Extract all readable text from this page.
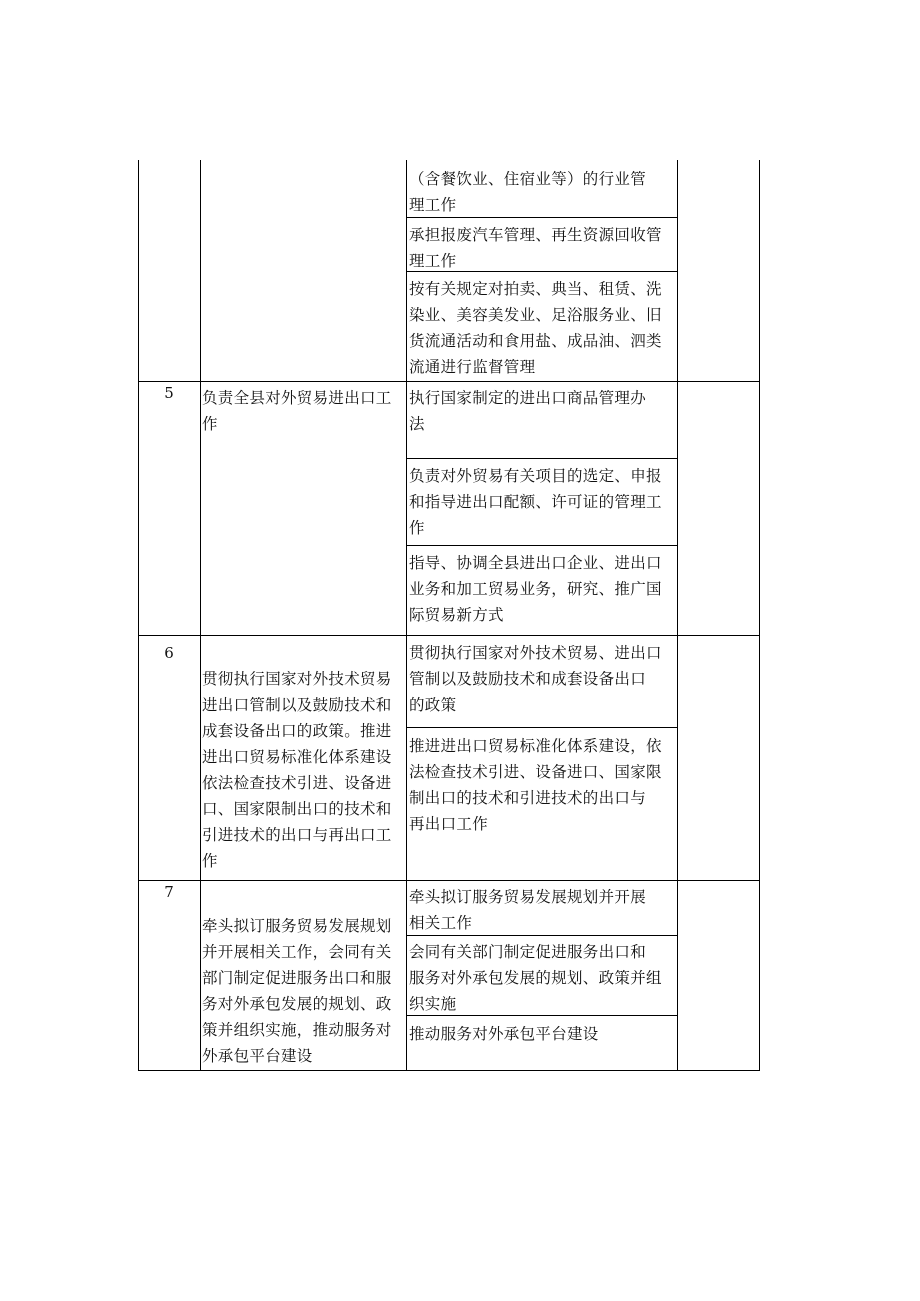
（含餐饮业、住宿业等）的行业管
理工作
承担报废汽车管理、再生资源回收管
理工作
按有关规定对拍卖、典当、租赁、洗
染业、美容美发业、足浴服务业、旧
货流通活动和食用盐、成品油、泗类
流通进行监督管理
5	负责全县对外贸易进出口工
作
执行国家制定的进出口商品管理办
法
负责对外贸易有关项目的选定、申报
和指导进出口配额、许可证的管理工
作
指导、协调全县进出口企业、进出口
业务和加工贸易业务，研究、推广国
际贸易新方式
6
贯彻执行国家对外技术贸易
进出口管制以及鼓励技术和
成套设备出口的政策。推进
进出口贸易标准化体系建设
依法检查技术引进、设备进
口、国家限制出口的技术和
引进技术的出口与再出口工
作
贯彻执行国家对外技术贸易、进出口
管制以及鼓励技术和成套设备出口
的政策
推进进出口贸易标准化体系建设，依
法检查技术引进、设备进口、国家限
制出口的技术和引进技术的出口与
再出口工作
7
牵头拟订服务贸易发展规划
并开展相关工作，会同有关
部门制定促进服务出口和服
务对外承包发展的规划、政
策并组织实施，推动服务对
外承包平台建设
牵头拟订服务贸易发展规划并开展
相关工作
会同有关部门制定促进服务出口和
服务对外承包发展的规划、政策并组
织实施
推动服务对外承包平台建设
